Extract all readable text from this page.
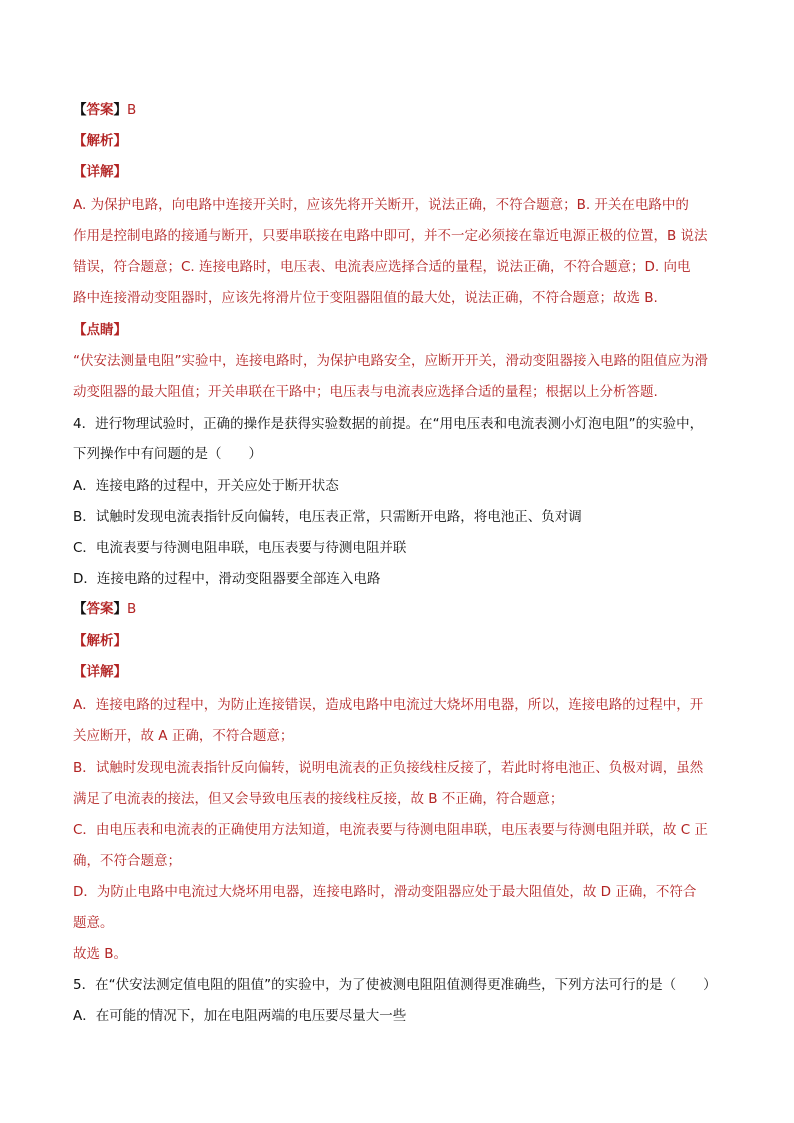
【答案】B
【解析】
【详解】
A. 为保护电路，向电路中连接开关时，应该先将开关断开，说法正确，不符合题意；B. 开关在电路中的
作用是控制电路的接通与断开，只要串联接在电路中即可，并不一定必须接在靠近电源正极的位置，B 说法
错误，符合题意；C. 连接电路时，电压表、电流表应选择合适的量程，说法正确，不符合题意；D. 向电
路中连接滑动变阻器时，应该先将滑片位于变阻器阻值的最大处，说法正确，不符合题意；故选 B.
【点睛】
“伏安法测量电阻”实验中，连接电路时，为保护电路安全，应断开开关，滑动变阻器接入电路的阻值应为滑
动变阻器的最大阻值；开关串联在干路中；电压表与电流表应选择合适的量程；根据以上分析答题.
4．进行物理试验时，正确的操作是获得实验数据的前提。在“用电压表和电流表测小灯泡电阻”的实验中，
下列操作中有问题的是（　　）
A．连接电路的过程中，开关应处于断开状态
B．试触时发现电流表指针反向偏转，电压表正常，只需断开电路，将电池正、负对调
C．电流表要与待测电阻串联，电压表要与待测电阻并联
D．连接电路的过程中，滑动变阻器要全部连入电路
【答案】B
【解析】
【详解】
A．连接电路的过程中，为防止连接错误，造成电路中电流过大烧坏用电器，所以，连接电路的过程中，开
关应断开，故 A 正确，不符合题意；
B．试触时发现电流表指针反向偏转，说明电流表的正负接线柱反接了，若此时将电池正、负极对调，虽然
满足了电流表的接法，但又会导致电压表的接线柱反接，故 B 不正确，符合题意；
C．由电压表和电流表的正确使用方法知道，电流表要与待测电阻串联，电压表要与待测电阻并联，故 C 正
确，不符合题意；
D．为防止电路中电流过大烧坏用电器，连接电路时，滑动变阻器应处于最大阻值处，故 D 正确，不符合
题意。
故选 B。
5．在“伏安法测定值电阻的阻值”的实验中，为了使被测电阻阻值测得更准确些，下列方法可行的是（　　）
A．在可能的情况下，加在电阻两端的电压要尽量大一些
